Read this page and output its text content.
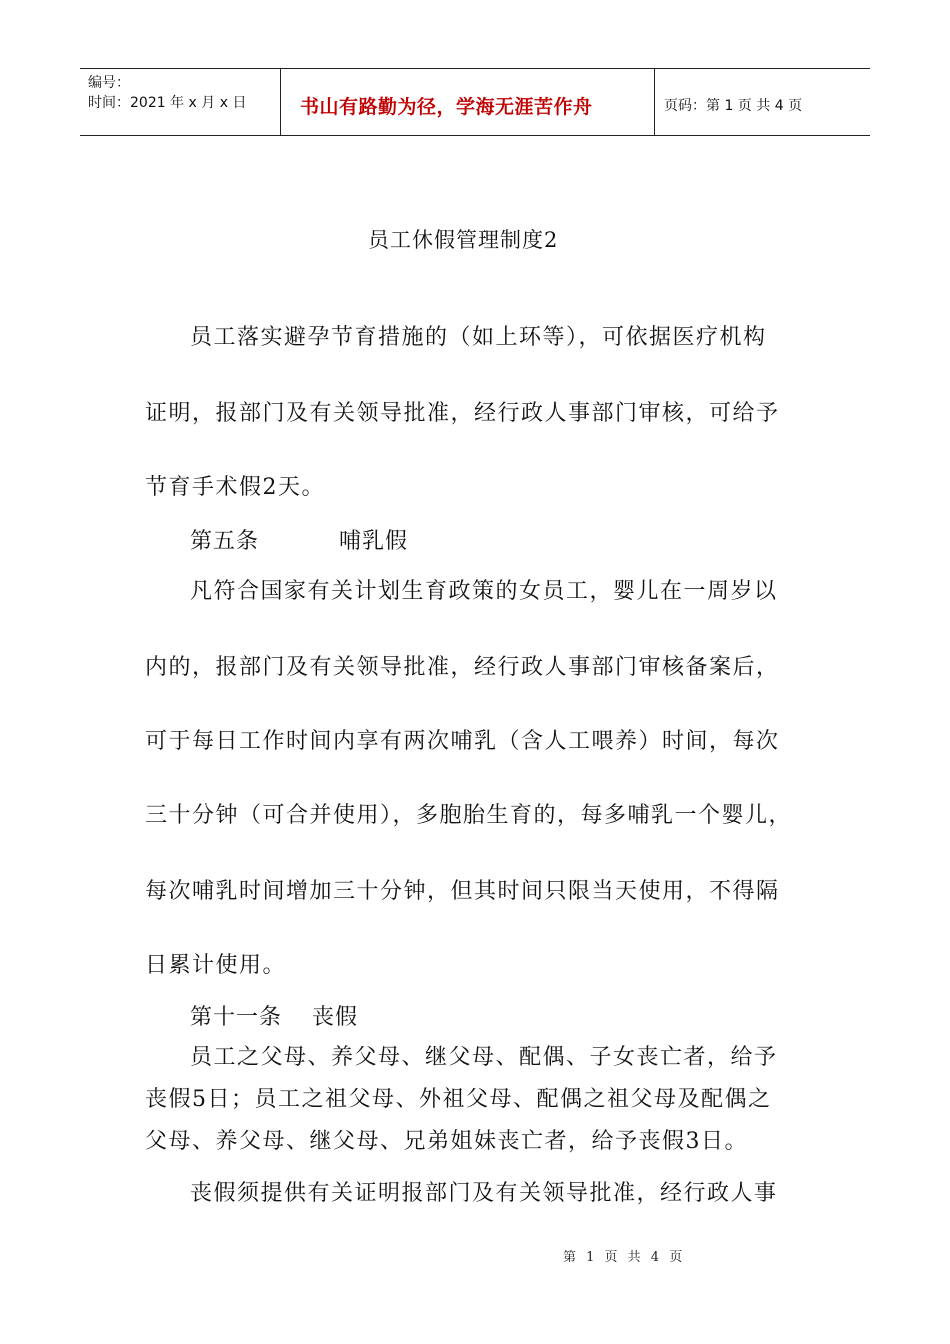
编号：
时间：2021 年 x 月 x 日	书山有路勤为径，学海无涯苦作舟	页码：第 1 页 共 4 页
员工休假管理制度2
员工落实避孕节育措施的（如上环等），可依据医疗机构
证明，报部门及有关领导批准，经行政人事部门审核，可给予
节育手术假2天。
第五条	哺乳假
凡符合国家有关计划生育政策的女员工，婴儿在一周岁以
内的，报部门及有关领导批准，经行政人事部门审核备案后，
可于每日工作时间内享有两次哺乳（含人工喂养）时间，每次
三十分钟（可合并使用），多胞胎生育的，每多哺乳一个婴儿，
每次哺乳时间增加三十分钟，但其时间只限当天使用，不得隔
日累计使用。
第十一条 丧假
员工之父母、养父母、继父母、配偶、子女丧亡者，给予
丧假5日；员工之祖父母、外祖父母、配偶之祖父母及配偶之
父母、养父母、继父母、兄弟姐妹丧亡者，给予丧假3日。
丧假须提供有关证明报部门及有关领导批准，经行政人事
第 1 页 共 4 页
